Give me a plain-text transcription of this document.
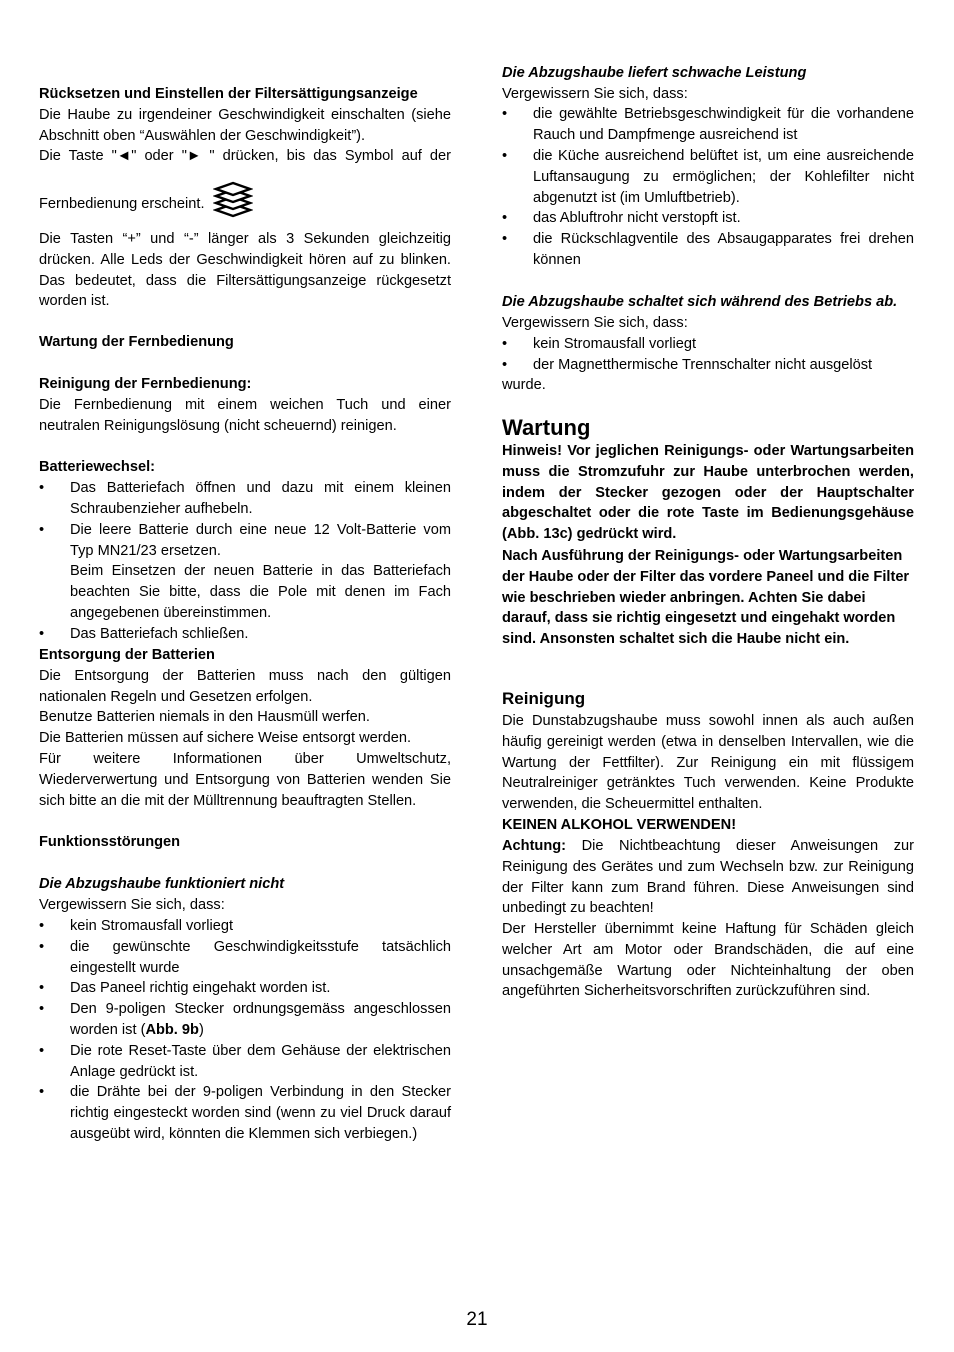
Rücksetzen und Einstellen der Filtersättigungsanzeige
Die Haube zu irgendeiner Geschwindigkeit einschalten (siehe Abschnitt oben “Auswählen der Geschwindigkeit”).
Die Taste "◄" oder "► " drücken, bis das Symbol auf der
Fernbedienung erscheint.
Die Tasten “+” und “-” länger als 3 Sekunden gleichzeitig drücken. Alle Leds der Geschwindigkeit hören auf zu blinken. Das bedeutet, dass die Filtersättigungsanzeige rückgesetzt worden ist.
Wartung der Fernbedienung
Reinigung der Fernbedienung:
Die Fernbedienung mit einem weichen Tuch und einer neutralen Reinigungslösung (nicht scheuernd) reinigen.
Batteriewechsel:
• Das Batteriefach öffnen und dazu mit einem kleinen Schraubenzieher aufhebeln.
• Die leere Batterie durch eine neue 12 Volt-Batterie vom Typ MN21/23 ersetzen.
Beim Einsetzen der neuen Batterie in das Batteriefach beachten Sie bitte, dass die Pole mit denen im Fach angegebenen übereinstimmen.
• Das Batteriefach schließen.
Entsorgung der Batterien
Die Entsorgung der Batterien muss nach den gültigen nationalen Regeln und Gesetzen erfolgen.
Benutze Batterien niemals in den Hausmüll werfen.
Die Batterien müssen auf sichere Weise entsorgt werden.
Für weitere Informationen über Umweltschutz, Wiederverwertung und Entsorgung von Batterien wenden Sie sich bitte an die mit der Mülltrennung beauftragten Stellen.
Funktionsstörungen
Die Abzugshaube funktioniert nicht
Vergewissern Sie sich, dass:
• kein Stromausfall vorliegt
• die gewünschte Geschwindigkeitsstufe tatsächlich eingestellt wurde
• Das Paneel richtig eingehakt worden ist.
• Den 9-poligen Stecker ordnungsgemäss angeschlossen worden ist (Abb. 9b)
• Die rote Reset-Taste über dem Gehäuse der elektrischen Anlage gedrückt ist.
• die Drähte bei der 9-poligen Verbindung in den Stecker richtig eingesteckt worden sind (wenn zu viel Druck darauf ausgeübt wird, könnten die Klemmen sich verbiegen.)
Die Abzugshaube liefert schwache Leistung
Vergewissern Sie sich, dass:
• die gewählte Betriebsgeschwindigkeit für die vorhandene Rauch und Dampfmenge ausreichend ist
• die Küche ausreichend belüftet ist, um eine ausreichende Luftansaugung zu ermöglichen; der Kohlefilter nicht abgenutzt ist (im Umluftbetrieb).
• das Abluftrohr nicht verstopft ist.
• die Rückschlagventile des Absaugapparates frei drehen können
Die Abzugshaube schaltet sich während des Betriebs ab.
Vergewissern Sie sich, dass:
• kein Stromausfall vorliegt
• der Magnetthermische Trennschalter nicht ausgelöst
wurde.
Wartung
Hinweis! Vor jeglichen Reinigungs- oder Wartungsarbeiten muss die Stromzufuhr zur Haube unterbrochen werden, indem der Stecker gezogen oder der Hauptschalter abgeschaltet oder die rote Taste im Bedienungsgehäuse (Abb. 13c) gedrückt wird.
Nach Ausführung der Reinigungs- oder Wartungsarbeiten der Haube oder der Filter das vordere Paneel und die Filter wie beschrieben wieder anbringen. Achten Sie dabei darauf, dass sie richtig eingesetzt und eingehakt worden sind. Ansonsten schaltet sich die Haube nicht ein.
Reinigung
Die Dunstabzugshaube muss sowohl innen als auch außen häufig gereinigt werden (etwa in denselben Intervallen, wie die Wartung der Fettfilter). Zur Reinigung ein mit flüssigem Neutralreiniger getränktes Tuch verwenden. Keine Produkte verwenden, die Scheuermittel enthalten.
KEINEN ALKOHOL VERWENDEN!
Achtung: Die Nichtbeachtung dieser Anweisungen zur Reinigung des Gerätes und zum Wechseln bzw. zur Reinigung der Filter kann zum Brand führen. Diese Anweisungen sind unbedingt zu beachten!
Der Hersteller übernimmt keine Haftung für Schäden gleich welcher Art am Motor oder Brandschäden, die auf eine unsachgemäße Wartung oder Nichteinhaltung der oben angeführten Sicherheitsvorschriften zurückzuführen sind.
21
